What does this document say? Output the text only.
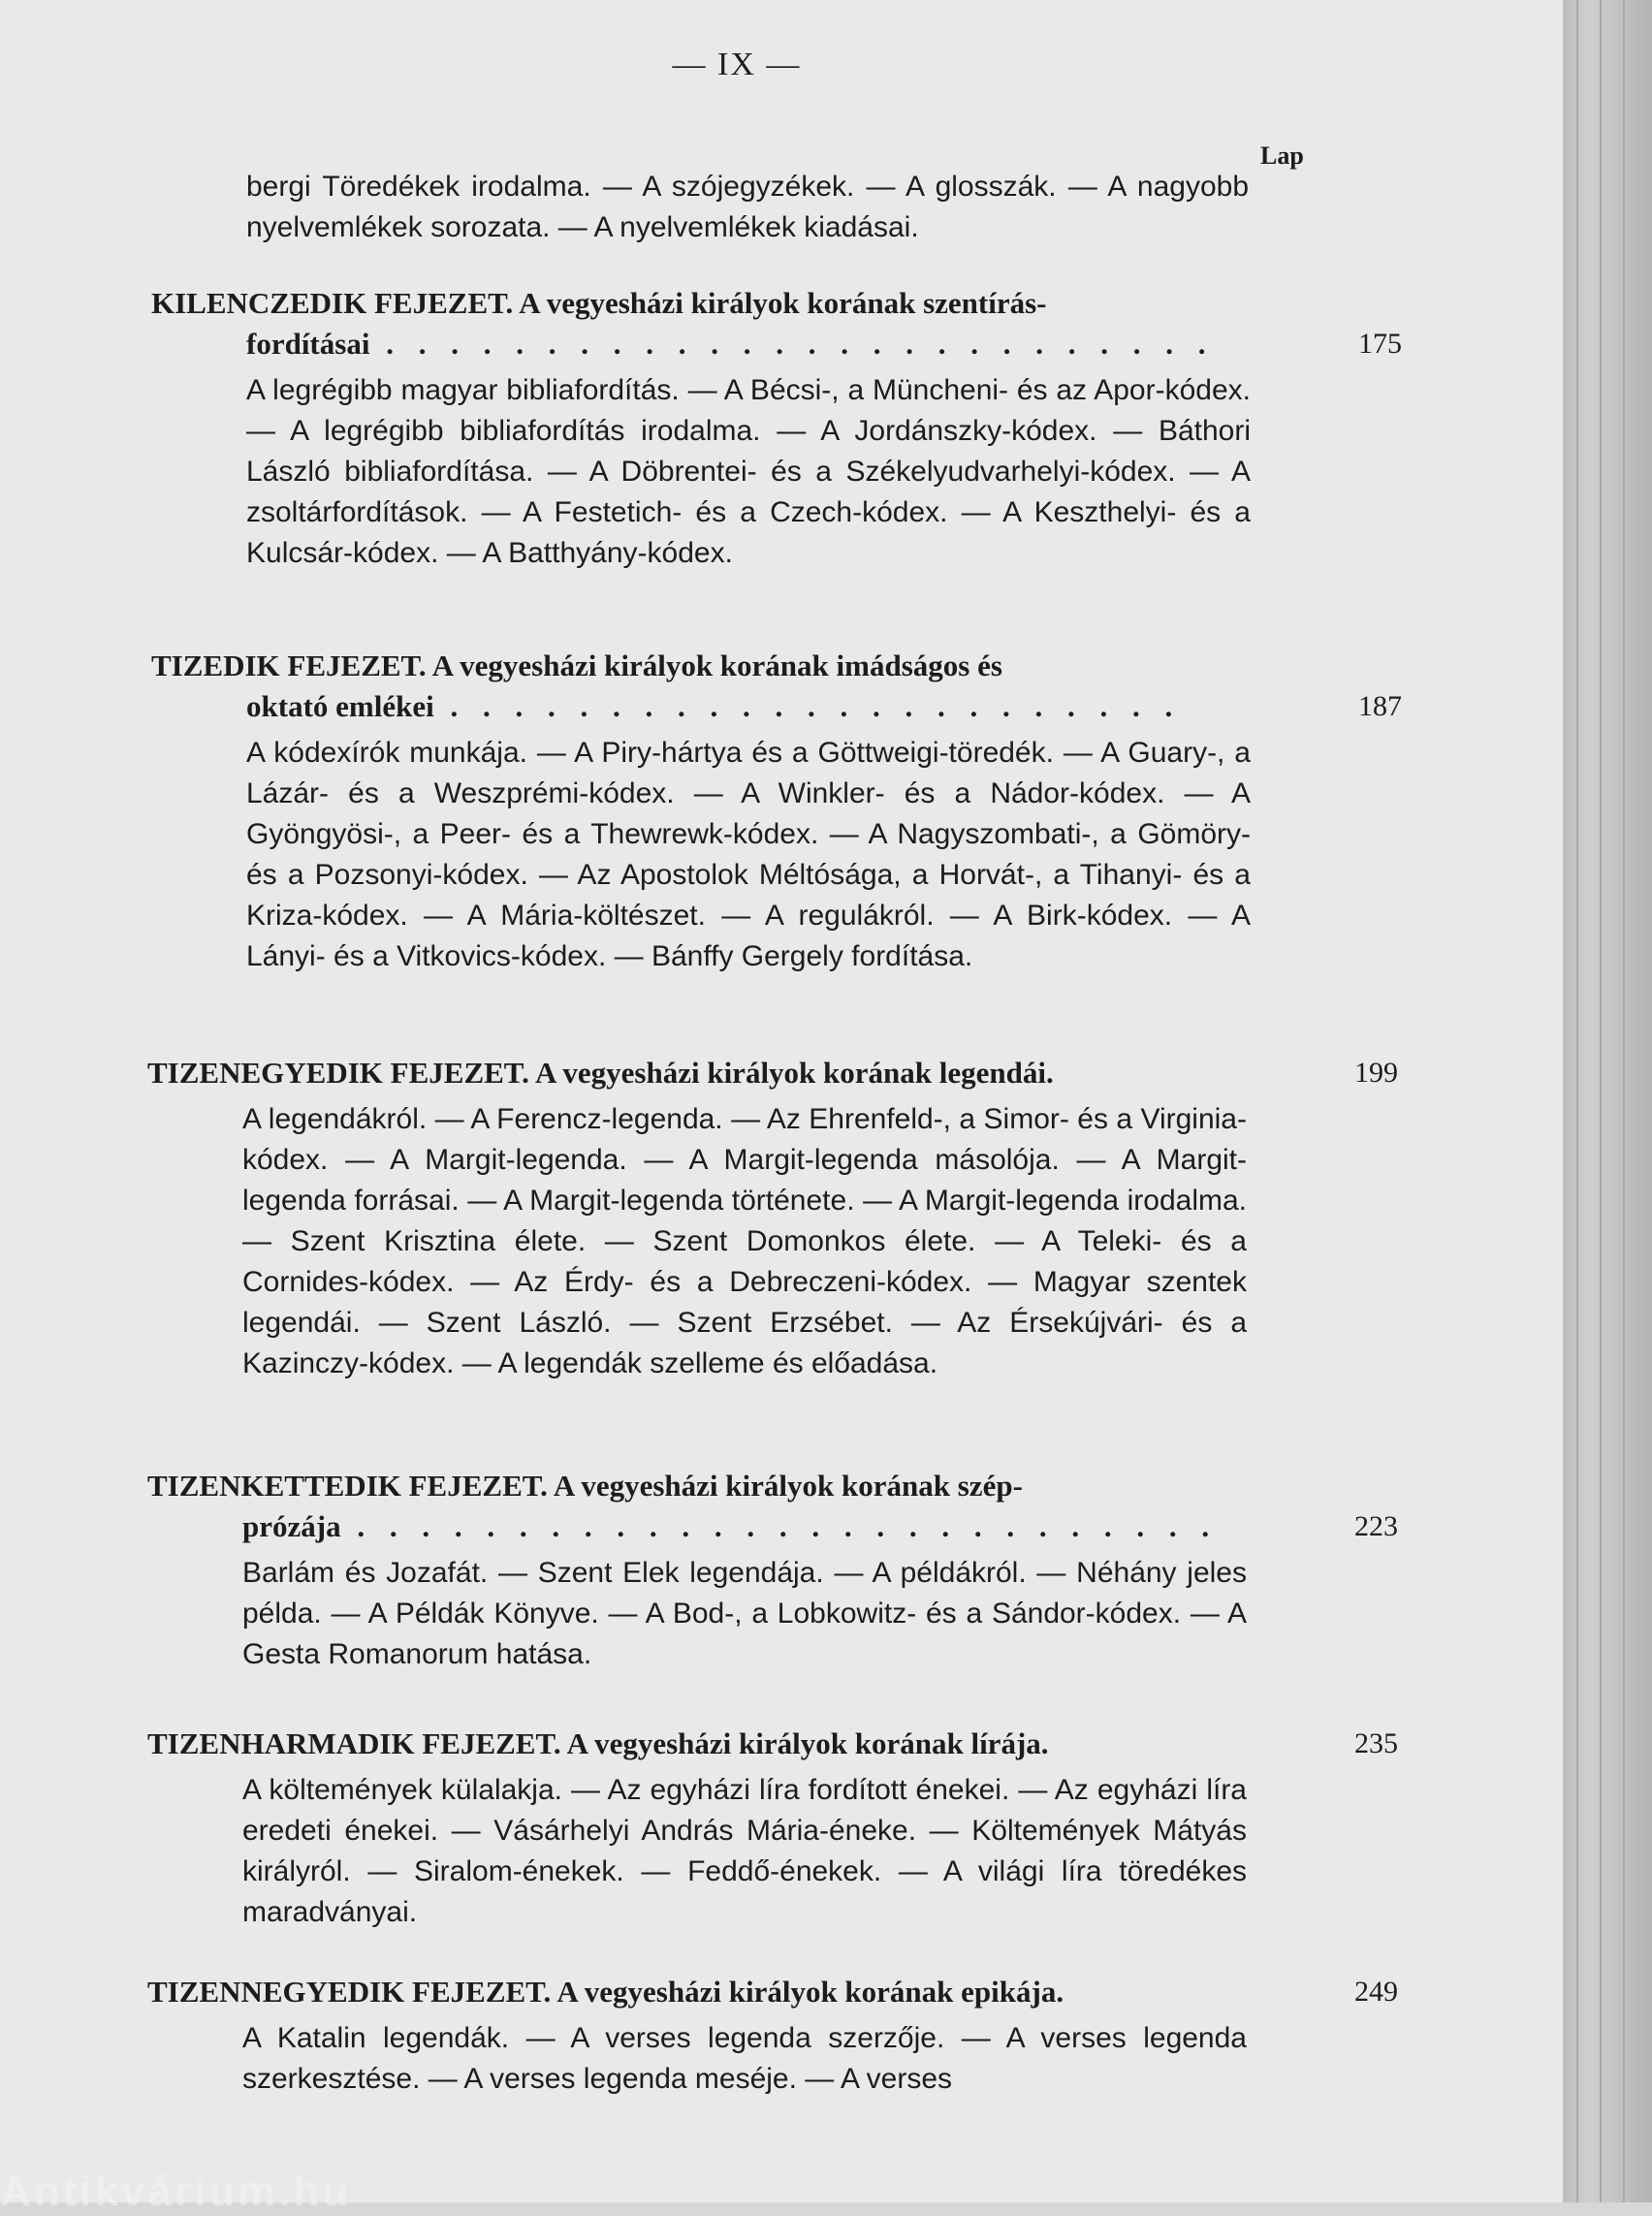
— IX —
Lap
bergi Töredékek irodalma. — A szójegyzékek. — A glosszák. — A nagyobb nyelvemlékek sorozata. — A nyelvemlékek kiadásai.
KILENCZEDIK FEJEZET. A vegyesházi királyok korának szentírás-
fordításai . . . . . . . . . . . . . . . . . . . . . . . . . .	175
A legrégibb magyar bibliafordítás. — A Bécsi-, a Müncheni- és az Apor-kódex. — A legrégibb bibliafordítás irodalma. — A Jordánszky-kódex. — Báthori László bibliafordítása. — A Döbrentei- és a Székelyudvarhelyi-kódex. — A zsoltárfordítások. — A Festetich- és a Czech-kódex. — A Keszthelyi- és a Kulcsár-kódex. — A Batthyány-kódex.
TIZEDIK FEJEZET. A vegyesházi királyok korának imádságos és
oktató emlékei . . . . . . . . . . . . . . . . . . . . . . .	187
A kódexírók munkája. — A Piry-hártya és a Göttweigi-töredék. — A Guary-, a Lázár- és a Weszprémi-kódex. — A Winkler- és a Nádor-kódex. — A Gyöngyösi-, a Peer- és a Thewrewk-kódex. — A Nagyszombati-, a Gömöry- és a Pozsonyi-kódex. — Az Apostolok Méltósága, a Horvát-, a Tihanyi- és a Kriza-kódex. — A Mária-költészet. — A regulákról. — A Birk-kódex. — A Lányi- és a Vitkovics-kódex. — Bánffy Gergely fordítása.
TIZENEGYEDIK FEJEZET. A vegyesházi királyok korának legendái.	199
A legendákról. — A Ferencz-legenda. — Az Ehrenfeld-, a Simor- és a Virginia-kódex. — A Margit-legenda. — A Margit-legenda másolója. — A Margit-legenda forrásai. — A Margit-legenda története. — A Margit-legenda irodalma. — Szent Krisztina élete. — Szent Domonkos élete. — A Teleki- és a Cornides-kódex. — Az Érdy- és a Debreczeni-kódex. — Magyar szentek legendái. — Szent László. — Szent Erzsébet. — Az Érsekújvári- és a Kazinczy-kódex. — A legendák szelleme és előadása.
TIZENKETTEDIK FEJEZET. A vegyesházi királyok korának szép-
prózája . . . . . . . . . . . . . . . . . . . . . . . . . . .	223
Barlám és Jozafát. — Szent Elek legendája. — A példákról. — Néhány jeles példa. — A Példák Könyve. — A Bod-, a Lobkowitz- és a Sándor-kódex. — A Gesta Romanorum hatása.
TIZENHARMADIK FEJEZET. A vegyesházi királyok korának lírája.	235
A költemények külalakja. — Az egyházi líra fordított énekei. — Az egyházi líra eredeti énekei. — Vásárhelyi András Mária-éneke. — Költemények Mátyás királyról. — Siralom-énekek. — Feddő-énekek. — A világi líra töredékes maradványai.
TIZENNEGYEDIK FEJEZET. A vegyesházi királyok korának epikája.	249
A Katalin legendák. — A verses legenda szerzője. — A verses legenda szerkesztése. — A verses legenda meséje. — A verses
Antikvárium.hu
